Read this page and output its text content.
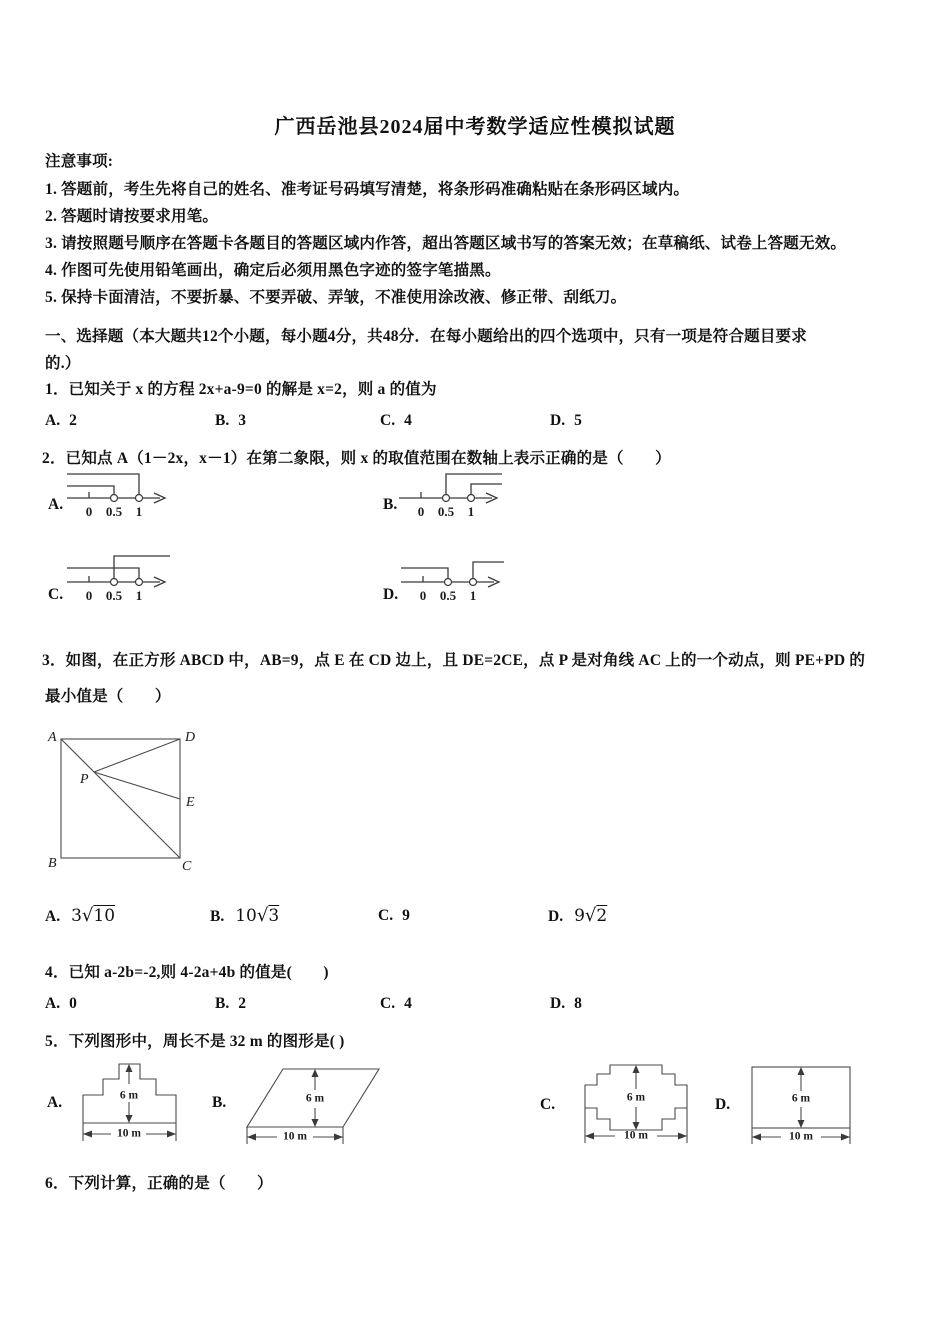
广西岳池县2024届中考数学适应性模拟试题
注意事项:
1. 答题前，考生先将自己的姓名、准考证号码填写清楚，将条形码准确粘贴在条形码区域内。
2. 答题时请按要求用笔。
3. 请按照题号顺序在答题卡各题目的答题区域内作答，超出答题区域书写的答案无效；在草稿纸、试卷上答题无效。
4. 作图可先使用铅笔画出，确定后必须用黑色字迹的签字笔描黑。
5. 保持卡面清洁，不要折暴、不要弄破、弄皱，不准使用涂改液、修正带、刮纸刀。
一、选择题（本大题共12个小题，每小题4分，共48分．在每小题给出的四个选项中，只有一项是符合题目要求
的.）
1．已知关于 x 的方程 2x+a-9=0 的解是 x=2，则 a 的值为
A. 2	B. 3	C. 4	D. 5
2．已知点 A（1－2x，x－1）在第二象限，则 x 的取值范围在数轴上表示正确的是（　　）
A. 0 0.5 1	B. 0 0.5 1
C. 0 0.5 1	D. 0 0.5 1
3．如图，在正方形 ABCD 中，AB=9，点 E 在 CD 边上，且 DE=2CE，点 P 是对角线 AC 上的一个动点，则 PE+PD 的
最小值是（　　）
A	D
B	C
P
E
A. 3√10	B. 10√3	C. 9	D. 9√2
4．已知 a-2b=-2,则 4-2a+4b 的值是(　　)
A. 0	B. 2	C. 4	D. 8
5．下列图形中，周长不是 32 m 的图形是( )
A.	6 m
10 m
B.	6 m
10 m
C.	6 m
10 m
D.	6 m
10 m
6．下列计算，正确的是（　　）
